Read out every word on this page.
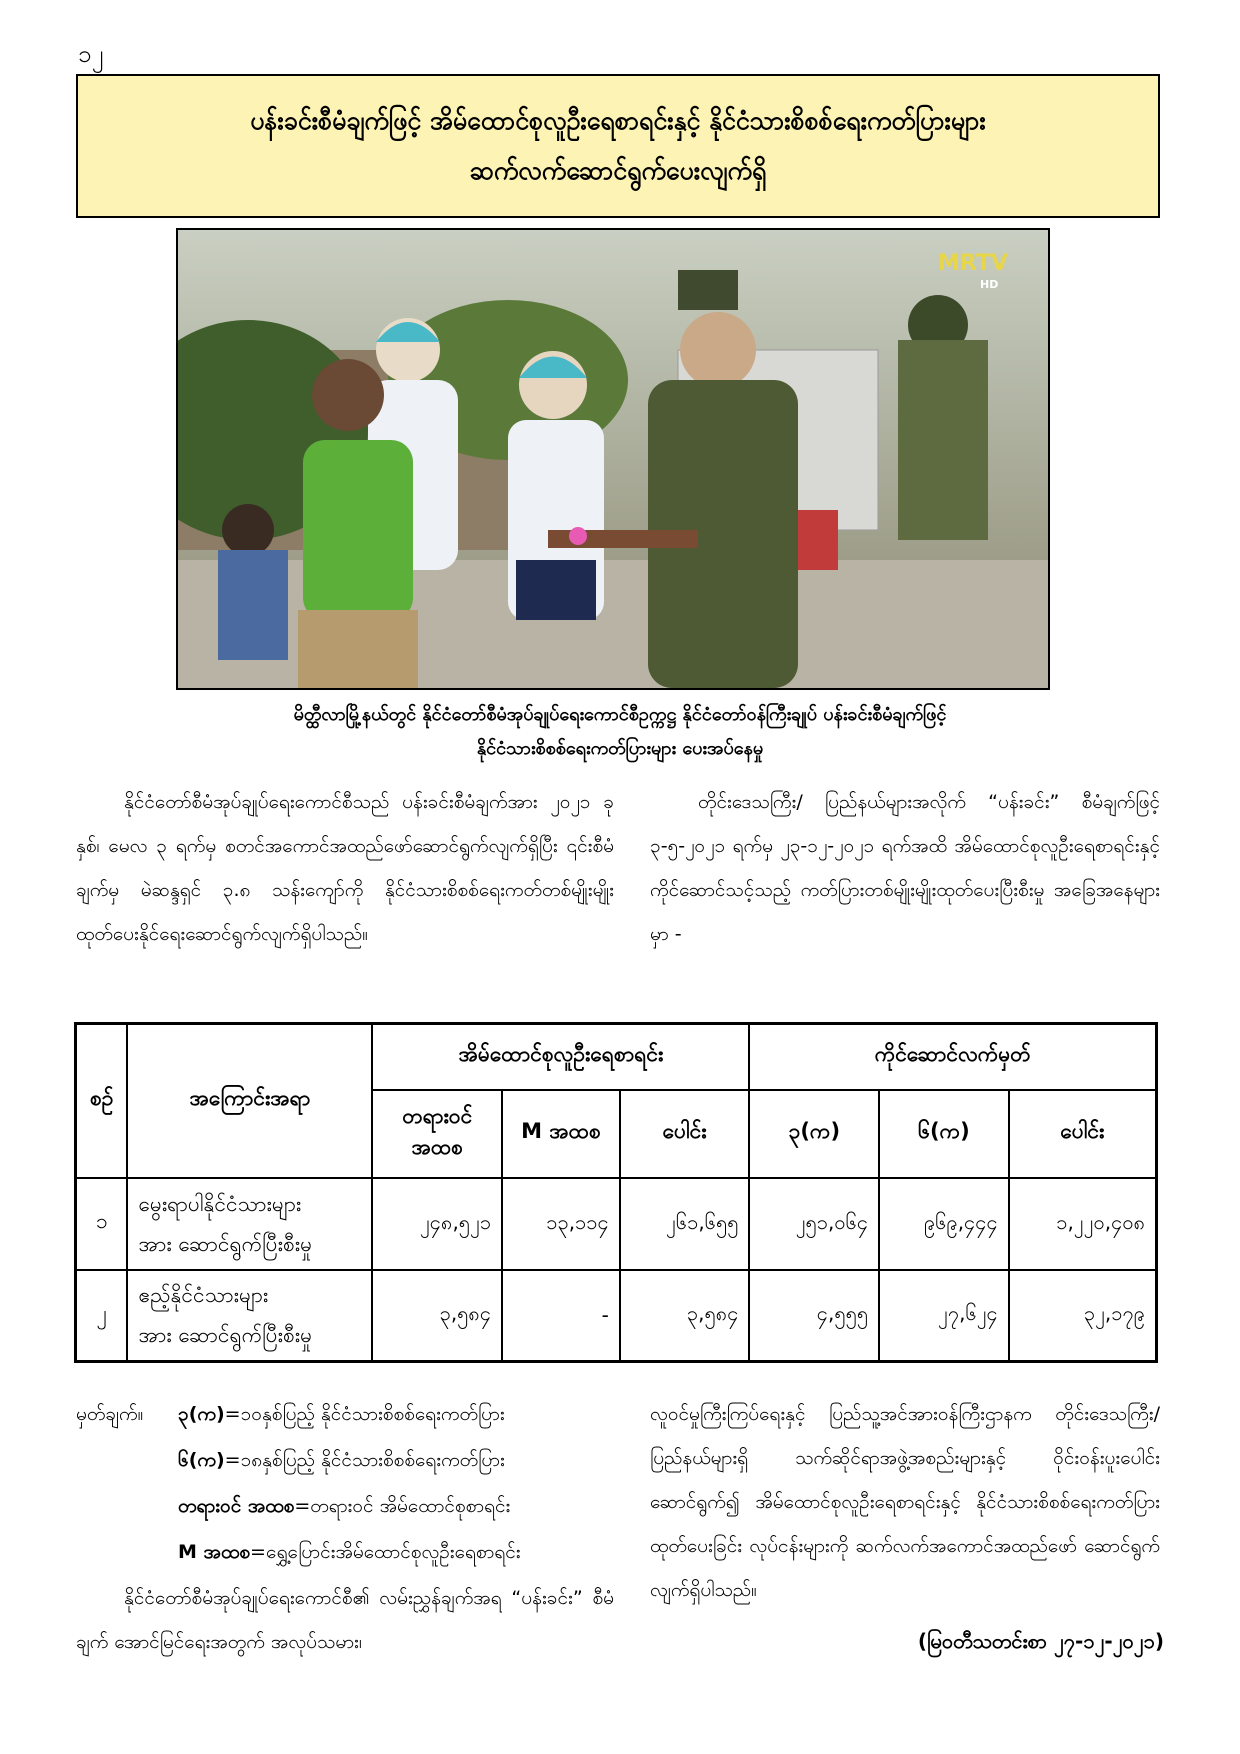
၁၂
ပန်းခင်းစီမံချက်ဖြင့် အိမ်ထောင်စုလူဦးရေစာရင်းနှင့် နိုင်ငံသားစိစစ်ရေးကတ်ပြားများ
ဆက်လက်ဆောင်ရွက်ပေးလျက်ရှိ
MRTV
HD
မိတ္ထီလာမြို့နယ်တွင် နိုင်ငံတော်စီမံအုပ်ချုပ်ရေးကောင်စီဥက္ကဋ္ဌ နိုင်ငံတော်ဝန်ကြီးချုပ် ပန်းခင်းစီမံချက်ဖြင့်
နိုင်ငံသားစိစစ်ရေးကတ်ပြားများ ပေးအပ်နေမှု

နိုင်ငံတော်စီမံအုပ်ချုပ်ရေးကောင်စီသည် ပန်းခင်းစီမံချက်အား ၂၀၂၁ ခုနှစ်၊ မေလ ၃ ရက်မှ စတင်အကောင်အထည်ဖော်ဆောင်ရွက်လျက်ရှိပြီး ၎င်းစီမံချက်မှ မဲဆန္ဒရှင် ၃.၈ သန်းကျော်ကို နိုင်ငံသားစိစစ်ရေးကတ်တစ်မျိုးမျိုး ထုတ်ပေးနိုင်ရေးဆောင်ရွက်လျက်ရှိပါသည်။

တိုင်းဒေသကြီး/ ပြည်နယ်များအလိုက် “ပန်းခင်း” စီမံချက်ဖြင့် ၃-၅-၂၀၂၁ ရက်မှ ၂၃-၁၂-၂၀၂၁ ရက်အထိ အိမ်ထောင်စုလူဦးရေစာရင်းနှင့် ကိုင်ဆောင်သင့်သည့် ကတ်ပြားတစ်မျိုးမျိုးထုတ်ပေးပြီးစီးမှု အခြေအနေများမှာ -

စဉ်	အကြောင်းအရာ	အိမ်ထောင်စုလူဦးရေစာရင်း			ကိုင်ဆောင်လက်မှတ်		
		တရားဝင် အထစ	M အထစ	ပေါင်း	၃(က)	၆(က)	ပေါင်း
၁	မွေးရာပါနိုင်ငံသားများ
အား ဆောင်ရွက်ပြီးစီးမှု	၂၄၈,၅၂၁	၁၃,၁၁၄	၂၆၁,၆၅၅	၂၅၁,၀၆၄	၉၆၉,၄၄၄	၁,၂၂၀,၄၀၈
၂	ဧည့်နိုင်ငံသားများ
အား ဆောင်ရွက်ပြီးစီးမှု	၃,၅၈၄	-	၃,၅၈၄	၄,၅၅၅	၂၇,၆၂၄	၃၂,၁၇၉
မှတ်ချက်။ ၃(က)=၁၀နှစ်ပြည့် နိုင်ငံသားစိစစ်ရေးကတ်ပြား
၆(က)=၁၈နှစ်ပြည့် နိုင်ငံသားစိစစ်ရေးကတ်ပြား
တရားဝင် အထစ=တရားဝင် အိမ်ထောင်စုစာရင်း
M အထစ=ရွှေ့ပြောင်းအိမ်ထောင်စုလူဦးရေစာရင်း

နိုင်ငံတော်စီမံအုပ်ချုပ်ရေးကောင်စီ၏ လမ်းညွှန်ချက်အရ “ပန်းခင်း” စီမံချက် အောင်မြင်ရေးအတွက် အလုပ်သမား၊

လူဝင်မှုကြီးကြပ်ရေးနှင့် ပြည်သူ့အင်အားဝန်ကြီးဌာနက တိုင်းဒေသကြီး/ ပြည်နယ်များရှိ သက်ဆိုင်ရာအဖွဲ့အစည်းများနှင့် ဝိုင်းဝန်းပူးပေါင်းဆောင်ရွက်၍ အိမ်ထောင်စုလူဦးရေစာရင်းနှင့် နိုင်ငံသားစိစစ်ရေးကတ်ပြားထုတ်ပေးခြင်း လုပ်ငန်းများကို ဆက်လက်အကောင်အထည်ဖော် ဆောင်ရွက်လျက်ရှိပါသည်။

(မြဝတီသတင်းစာ ၂၇-၁၂-၂၀၂၁)
